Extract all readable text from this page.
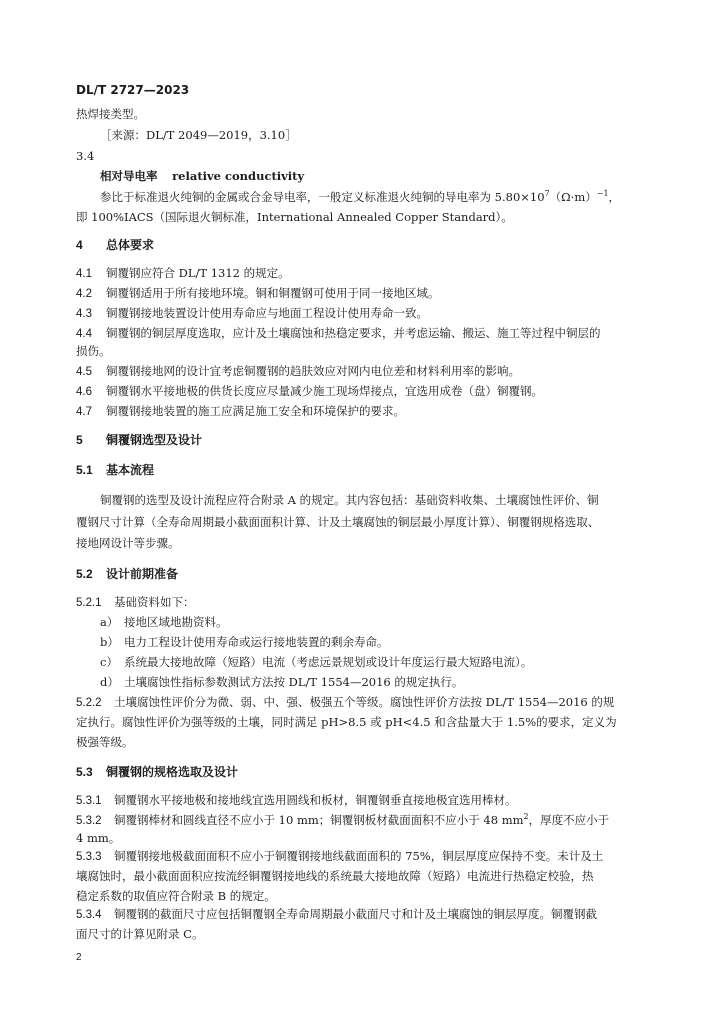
DL/T 2727—2023
热焊接类型。
［来源：DL/T 2049—2019，3.10］
3.4
相对导电率 relative conductivity
参比于标准退火纯铜的金属或合金导电率，一般定义标准退火纯铜的导电率为 $5.80\times 10^7(\Omega\cdot m)^{-1}$，
即 100%IACS（国际退火铜标准，International Annealed Copper Standard）。
4 总体要求
4.1 铜覆钢应符合 DL/T 1312 的规定。
4.2 铜覆钢适用于所有接地环境。铜和铜覆钢可使用于同一接地区域。
4.3 铜覆钢接地装置设计使用寿命应与地面工程设计使用寿命一致。
4.4 铜覆钢的铜层厚度选取，应计及土壤腐蚀和热稳定要求，并考虑运输、搬运、施工等过程中铜层的
损伤。
4.5 铜覆钢接地网的设计宜考虑铜覆钢的趋肤效应对网内电位差和材料利用率的影响。
4.6 铜覆钢水平接地极的供货长度应尽量减少施工现场焊接点，宜选用成卷（盘）铜覆钢。
4.7 铜覆钢接地装置的施工应满足施工安全和环境保护的要求。
5 铜覆钢选型及设计
5.1 基本流程
铜覆钢的选型及设计流程应符合附录 A 的规定。其内容包括：基础资料收集、土壤腐蚀性评价、铜
覆钢尺寸计算（全寿命周期最小截面面积计算、计及土壤腐蚀的铜层最小厚度计算）、铜覆钢规格选取、
接地网设计等步骤。
5.2 设计前期准备
5.2.1 基础资料如下：
a） 接地区域地勘资料。
b） 电力工程设计使用寿命或运行接地装置的剩余寿命。
c） 系统最大接地故障（短路）电流（考虑远景规划或设计年度运行最大短路电流）。
d） 土壤腐蚀性指标参数测试方法按 DL/T 1554—2016 的规定执行。
5.2.2 土壤腐蚀性评价分为微、弱、中、强、极强五个等级。腐蚀性评价方法按 DL/T 1554—2016 的规
定执行。腐蚀性评价为强等级的土壤，同时满足 pH>8.5 或 pH<4.5 和含盐量大于 1.5%的要求，定义为
极强等级。
5.3 铜覆钢的规格选取及设计
5.3.1 铜覆钢水平接地极和接地线宜选用圆线和板材，铜覆钢垂直接地极宜选用棒材。
5.3.2 铜覆钢棒材和圆线直径不应小于 10 mm；铜覆钢板材截面面积不应小于 48 $mm^2$，厚度不应小于
4 mm。
5.3.3 铜覆钢接地极截面面积不应小于铜覆钢接地线截面面积的 75%，铜层厚度应保持不变。未计及土
壤腐蚀时，最小截面面积应按流经铜覆钢接地线的系统最大接地故障（短路）电流进行热稳定校验，热
稳定系数的取值应符合附录 B 的规定。
5.3.4 铜覆钢的截面尺寸应包括铜覆钢全寿命周期最小截面尺寸和计及土壤腐蚀的铜层厚度。铜覆钢截
面尺寸的计算见附录 C。
2
